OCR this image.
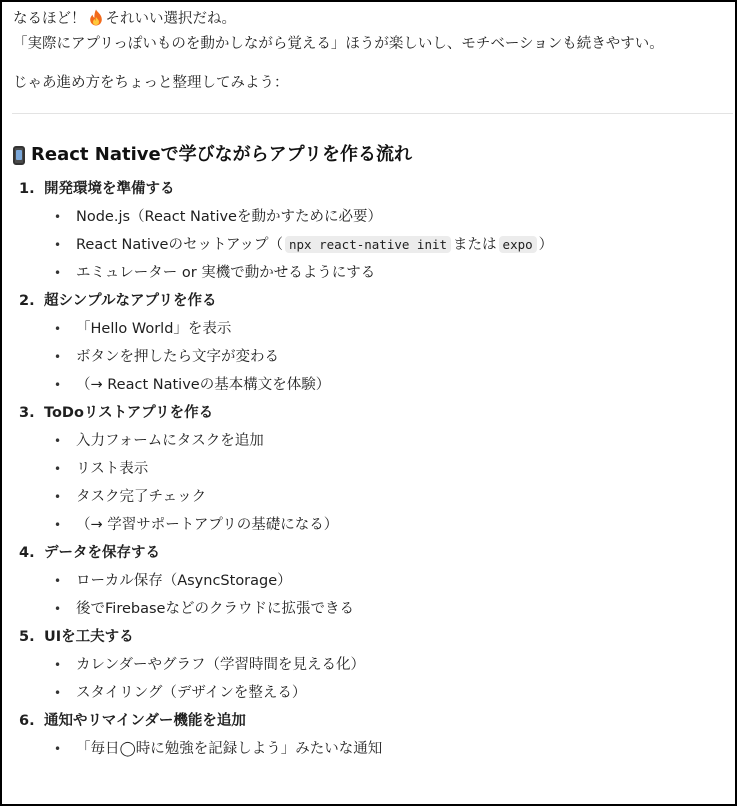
なるほど！ それいい選択だね。
「実際にアプリっぽいものを動かしながら覚える」ほうが楽しいし、モチベーションも続きやすい。
じゃあ進め方をちょっと整理してみよう：
React Nativeで学びながらアプリを作る流れ
1. 開発環境を準備する
• Node.js（React Nativeを動かすために必要）
• React Nativeのセットアップ（ npx react-native init または expo ）
• エミュレーター or 実機で動かせるようにする
2. 超シンプルなアプリを作る
• 「Hello World」を表示
• ボタンを押したら文字が変わる
• （→ React Nativeの基本構文を体験）
3. ToDoリストアプリを作る
• 入力フォームにタスクを追加
• リスト表示
• タスク完了チェック
• （→ 学習サポートアプリの基礎になる）
4. データを保存する
• ローカル保存（AsyncStorage）
• 後でFirebaseなどのクラウドに拡張できる
5. UIを工夫する
• カレンダーやグラフ（学習時間を見える化）
• スタイリング（デザインを整える）
6. 通知やリマインダー機能を追加
• 「毎日◯時に勉強を記録しよう」みたいな通知
